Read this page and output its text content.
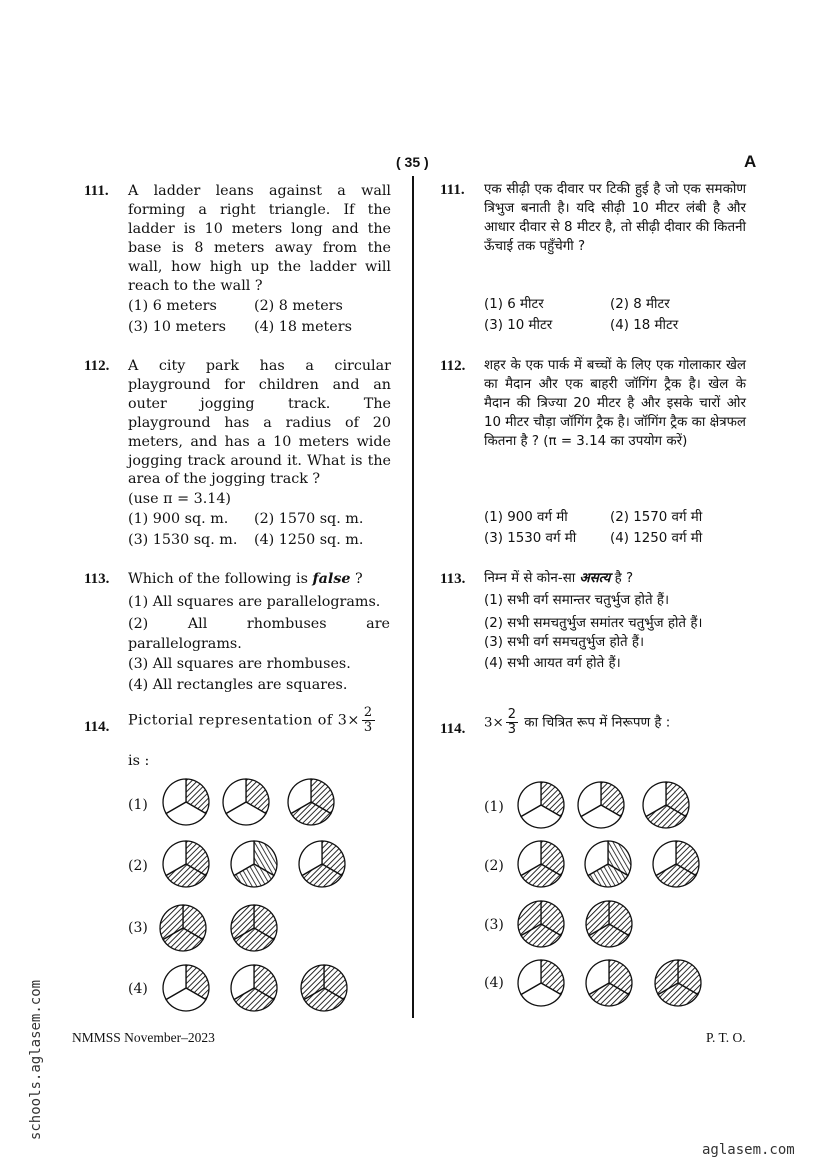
( 35 )	A
111. A ladder leans against a wall forming a right triangle. If the ladder is 10 meters long and the base is 8 meters away from the wall, how high up the ladder will reach to the wall ?
(1) 6 meters	(2) 8 meters
(3) 10 meters	(4) 18 meters
112. A city park has a circular playground for children and an outer jogging track. The playground has a radius of 20 meters, and has a 10 meters wide jogging track around it. What is the area of the jogging track ?
(use π = 3.14)
(1) 900 sq. m.	(2) 1570 sq. m.
(3) 1530 sq. m.	(4) 1250 sq. m.
113. Which of the following is false ?
(1) All squares are parallelograms.
(2) All rhombuses are parallelograms.
(3) All squares are rhombuses.
(4) All rectangles are squares.
114. Pictorial representation of $3\times \frac{2}{3}$
is :
(1)
(2)
(3)
(4)
(1)
(2)
(3)
(4)
111. एक सीढ़ी एक दीवार पर टिकी हुई है जो एक समकोण त्रिभुज बनाती है। यदि सीढ़ी 10 मीटर लंबी है और आधार दीवार से 8 मीटर है, तो सीढ़ी दीवार की कितनी ऊँचाई तक पहुँचेगी ?
(1) 6 मीटर	(2) 8 मीटर
(3) 10 मीटर	(4) 18 मीटर
112. शहर के एक पार्क में बच्चों के लिए एक गोलाकार खेल का मैदान और एक बाहरी जॉगिंग ट्रैक है। खेल के मैदान की त्रिज्या 20 मीटर है और इसके चारों ओर 10 मीटर चौड़ा जॉगिंग ट्रैक है। जॉगिंग ट्रैक का क्षेत्रफल कितना है ? (π = 3.14 का उपयोग करें)
(1) 900 वर्ग मी	(2) 1570 वर्ग मी
(3) 1530 वर्ग मी	(4) 1250 वर्ग मी
113. निम्न में से कोन-सा असत्य है ?
(1) सभी वर्ग समान्तर चतुर्भुज होते हैं।
(2) सभी समचतुर्भुज समांतर चतुर्भुज होते हैं।
(3) सभी वर्ग समचतुर्भुज होते हैं।
(4) सभी आयत वर्ग होते हैं।
114. $3\times \frac{2}{3}$ का चित्रित रूप में निरूपण है :
NMMSS November–2023	P. T. O.
schools.aglasem.com
aglasem.com
